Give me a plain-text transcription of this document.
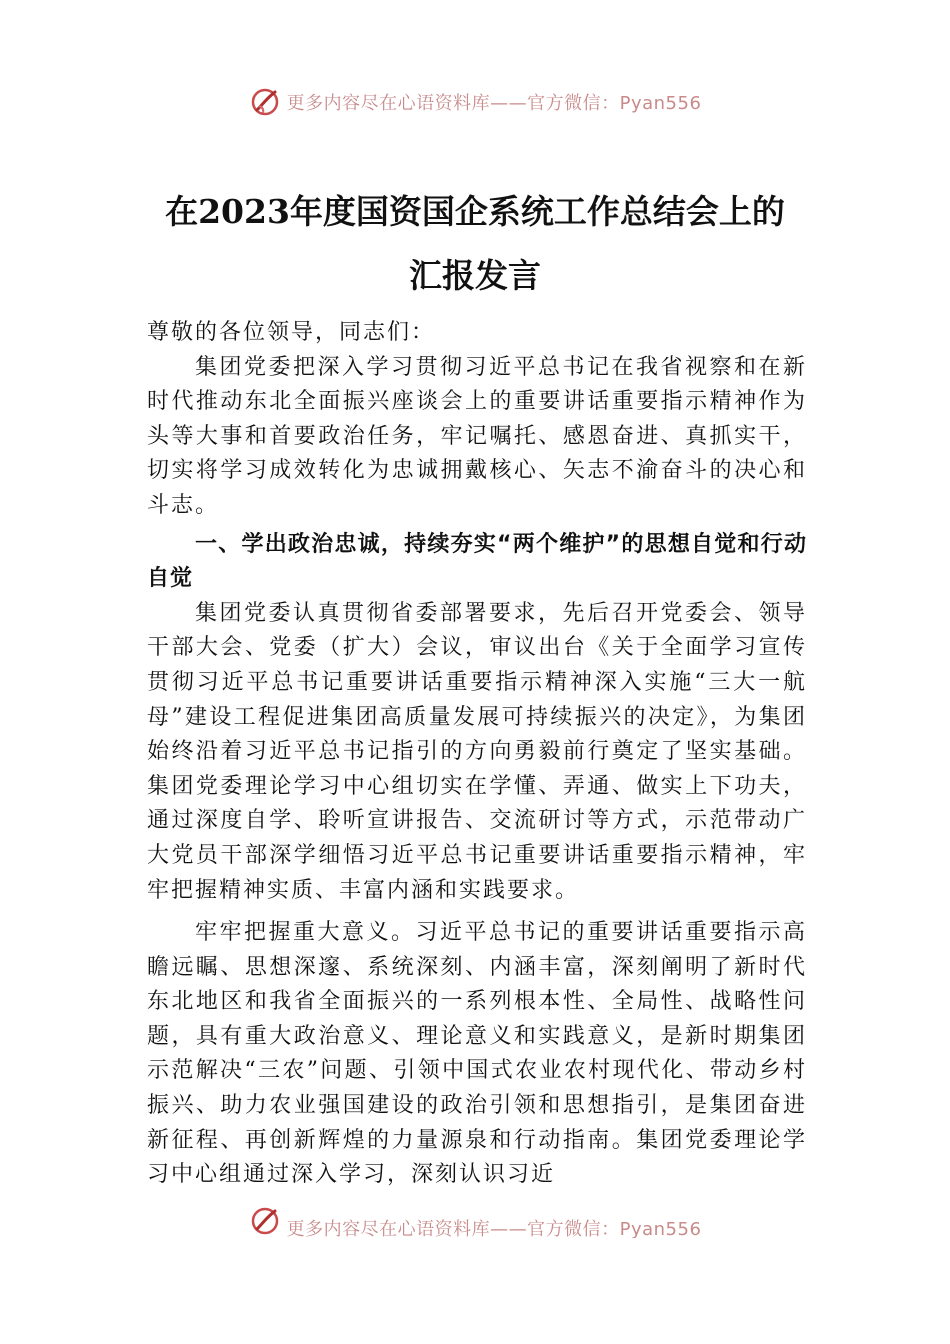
更多内容尽在心语资料库——官方微信：Pyan556
在2023年度国资国企系统工作总结会上的
汇报发言

尊敬的各位领导，同志们：

集团党委把深入学习贯彻习近平总书记在我省视察和在新时代推动东北全面振兴座谈会上的重要讲话重要指示精神作为头等大事和首要政治任务，牢记嘱托、感恩奋进、真抓实干，切实将学习成效转化为忠诚拥戴核心、矢志不渝奋斗的决心和斗志。

一、学出政治忠诚，持续夯实“两个维护”的思想自觉和行动自觉

集团党委认真贯彻省委部署要求，先后召开党委会、领导干部大会、党委（扩大）会议，审议出台《关于全面学习宣传贯彻习近平总书记重要讲话重要指示精神深入实施“三大一航母”建设工程促进集团高质量发展可持续振兴的决定》，为集团始终沿着习近平总书记指引的方向勇毅前行奠定了坚实基础。集团党委理论学习中心组切实在学懂、弄通、做实上下功夫，通过深度自学、聆听宣讲报告、交流研讨等方式，示范带动广大党员干部深学细悟习近平总书记重要讲话重要指示精神，牢牢把握精神实质、丰富内涵和实践要求。

牢牢把握重大意义。习近平总书记的重要讲话重要指示高瞻远瞩、思想深邃、系统深刻、内涵丰富，深刻阐明了新时代东北地区和我省全面振兴的一系列根本性、全局性、战略性问题，具有重大政治意义、理论意义和实践意义，是新时期集团示范解决“三农”问题、引领中国式农业农村现代化、带动乡村振兴、助力农业强国建设的政治引领和思想指引，是集团奋进新征程、再创新辉煌的力量源泉和行动指南。集团党委理论学习中心组通过深入学习，深刻认识习近

更多内容尽在心语资料库——官方微信：Pyan556
